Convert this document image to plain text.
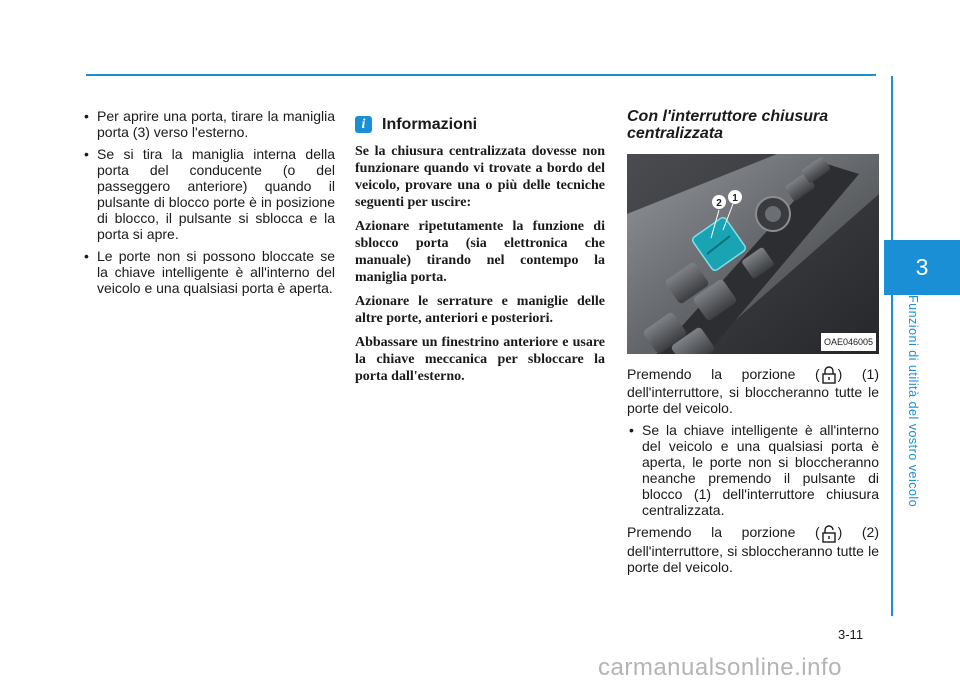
3
Funzioni di utilità del vostro veicolo
• Per aprire una porta, tirare la maniglia porta (3) verso l'esterno.
• Se si tira la maniglia interna della porta del conducente (o del passeggero anteriore) quando il pulsante di blocco porte è in posizione di blocco, il pulsante si sblocca e la porta si apre.
• Le porte non si possono bloccate se la chiave intelligente è all'interno del veicolo e una qualsiasi porta è aperta.
i	Informazioni

Se la chiusura centralizzata dovesse non funzionare quando vi trovate a bordo del veicolo, provare una o più delle tecniche seguenti per uscire:

Azionare ripetutamente la funzione di sblocco porta (sia elettronica che manuale) tirando nel contempo la maniglia porta.

Azionare le serrature e maniglie delle altre porte, anteriori e posteriori.

Abbassare un finestrino anteriore e usare la chiave meccanica per sbloccare la porta dall'esterno.

Con l'interruttore chiusura centralizzata
1
2
OAE046005

Premendo la porzione ( ) (1) dell'interruttore, si bloccheranno tutte le porte del veicolo.

• Se la chiave intelligente è all'interno del veicolo e una qualsiasi porta è aperta, le porte non si bloccheranno neanche premendo il pulsante di blocco (1) dell'interruttore chiusura centralizzata.

Premendo la porzione ( ) (2) dell'interruttore, si sbloccheranno tutte le porte del veicolo.

3-11
carmanualsonline.info
